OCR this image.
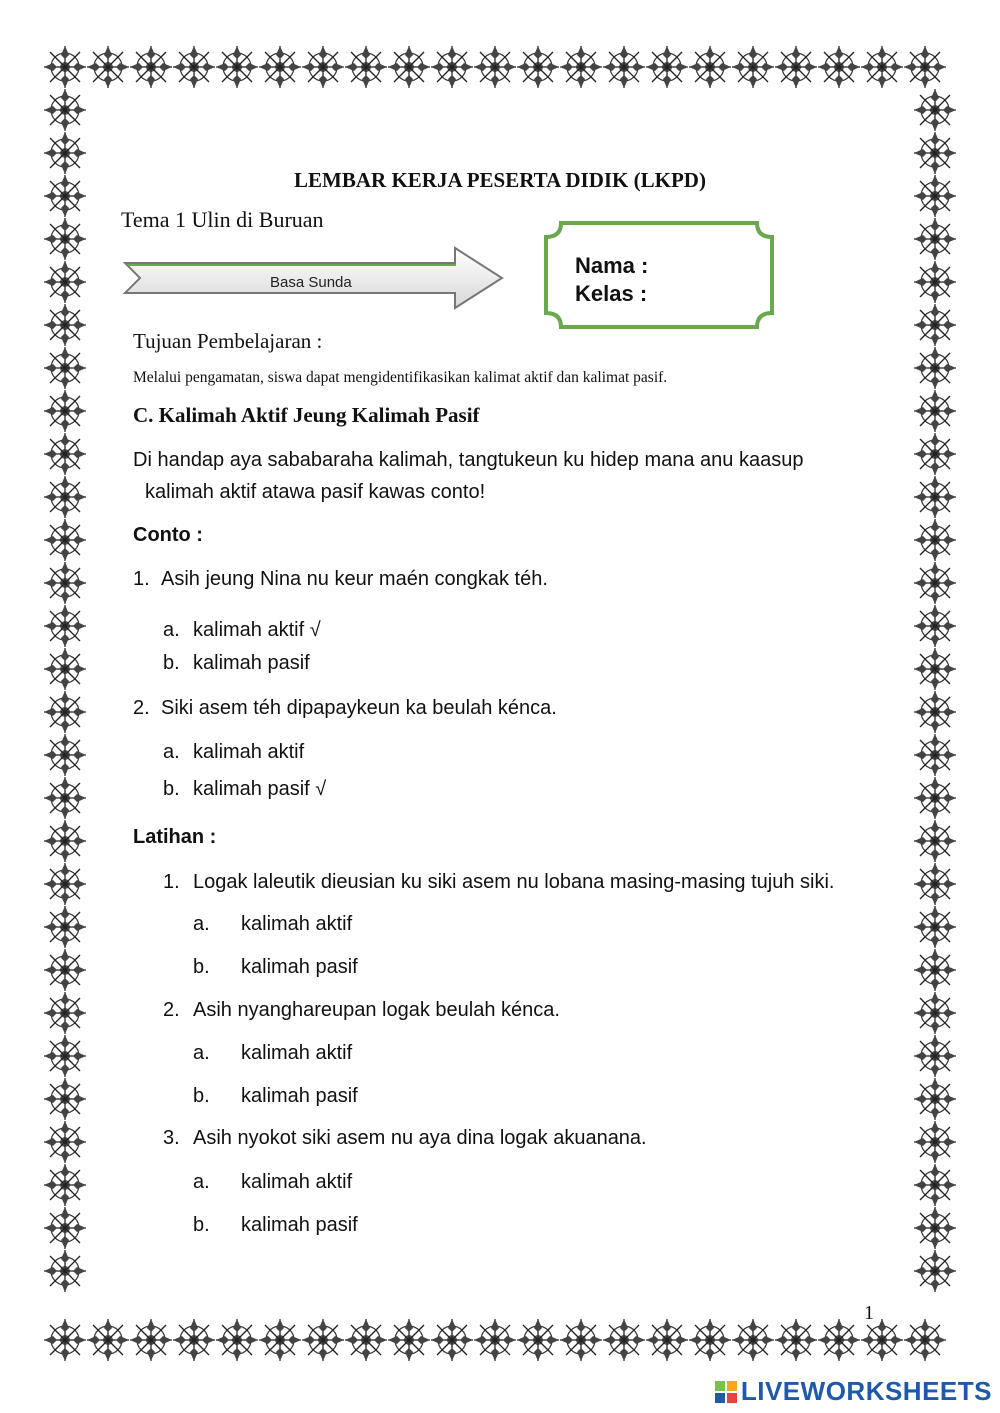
LEMBAR KERJA PESERTA DIDIK (LKPD)
Tema 1 Ulin di Buruan
Basa Sunda
Nama :
Kelas :
Tujuan Pembelajaran :
Melalui pengamatan, siswa dapat mengidentifikasikan kalimat aktif dan kalimat pasif.
C. Kalimah Aktif Jeung Kalimah Pasif
Di handap aya sababaraha kalimah, tangtukeun ku hidep mana anu kaasup
kalimah aktif atawa pasif kawas conto!
Conto :
1. Asih jeung Nina nu keur maén congkak téh.
a. kalimah aktif √
b. kalimah pasif
2. Siki asem téh dipapaykeun ka beulah kénca.
a. kalimah aktif
b. kalimah pasif √
Latihan :
1. Logak laleutik dieusian ku siki asem nu lobana masing-masing tujuh siki.
a. kalimah aktif
b. kalimah pasif
2. Asih nyanghareupan logak beulah kénca.
a. kalimah aktif
b. kalimah pasif
3. Asih nyokot siki asem nu aya dina logak akuanana.
a. kalimah aktif
b. kalimah pasif
1
LIVEWORKSHEETS
